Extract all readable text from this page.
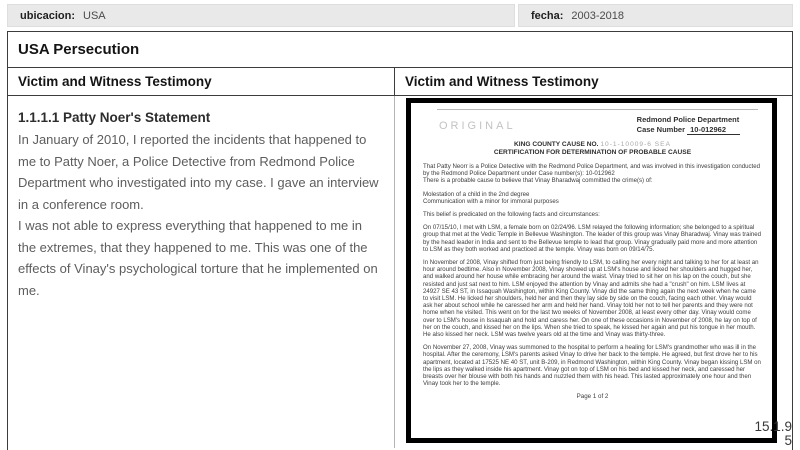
ubicacion: USA	fecha: 2003-2018
USA Persecution
Victim and Witness Testimony	Victim and Witness Testimony
1.1.1.1 Patty Noer's Statement

In January of 2010, I reported the incidents that happened to me to Patty Noer, a Police Detective from Redmond Police Department who investigated into my case. I gave an interview in a conference room.

I was not able to express everything that happened to me in the extremes, that they happened to me. This was one of the effects of Vinay's psychological torture that he implemented on me.

ORIGINAL
Redmond Police Department
Case Number 10-012962
KING COUNTY CAUSE NO. 10-1-10009-6 SEA
CERTIFICATION FOR DETERMINATION OF PROBABLE CAUSE
That Patty Neorr is a Police Detective with the Redmond Police Department, and was involved in this investigation conducted by the Redmond Police Department under Case number(s): 10-012962
There is a probable cause to believe that Vinay Bharadwaj committed the crime(s) of:
Molestation of a child in the 2nd degree
Communication with a minor for immoral purposes

This belief is predicated on the following facts and circumstances:

On 07/15/10, I met with LSM, a female born on 02/24/96. LSM relayed the following information; she belonged to a spiritual group that met at the Vedic Temple in Bellevue Washington. The leader of this group was Vinay Bharadwaj. Vinay was trained by the head leader in India and sent to the Bellevue temple to lead that group. Vinay gradually paid more and more attention to LSM as they both worked and practiced at the temple. Vinay was born on 09/14/75.

In November of 2008, Vinay shifted from just being friendly to LSM, to calling her every night and talking to her for at least an hour around bedtime. Also in November 2008, Vinay showed up at LSM's house and licked her shoulders and hugged her, and walked around her house while embracing her around the waist. Vinay tried to sit her on his lap on the couch, but she resisted and just sat next to him. LSM enjoyed the attention by Vinay and admits she had a "crush" on him. LSM lives at 24927 SE 43 ST, in Issaquah Washington, within King County. Vinay did the same thing again the next week when he came to visit LSM. He licked her shoulders, held her and then they lay side by side on the couch, facing each other. Vinay would ask her about school while he caressed her arm and held her hand. Vinay told her not to tell her parents and they were not home when he visited. This went on for the last two weeks of November 2008, at least every other day. Vinay would come over to LSM's house in Issaquah and hold and caress her. On one of these occasions in November of 2008, he lay on top of her on the couch, and kissed her on the lips. When she tried to speak, he kissed her again and put his tongue in her mouth. He also kissed her neck. LSM was twelve years old at the time and Vinay was thirty-three.

On November 27, 2008, Vinay was summoned to the hospital to perform a healing for LSM's grandmother who was ill in the hospital. After the ceremony, LSM's parents asked Vinay to drive her back to the temple. He agreed, but first drove her to his apartment, located at 17525 NE 40 ST, unit B-209, in Redmond Washington, within King County. Vinay began kissing LSM on the lips as they walked inside his apartment. Vinay got on top of LSM on his bed and kissed her neck, and caressed her breasts over her blouse with both his hands and nuzzled them with his head. This lasted approximately one hour and then Vinay took her to the temple.

Page 1 of 2
15.1.9
5
